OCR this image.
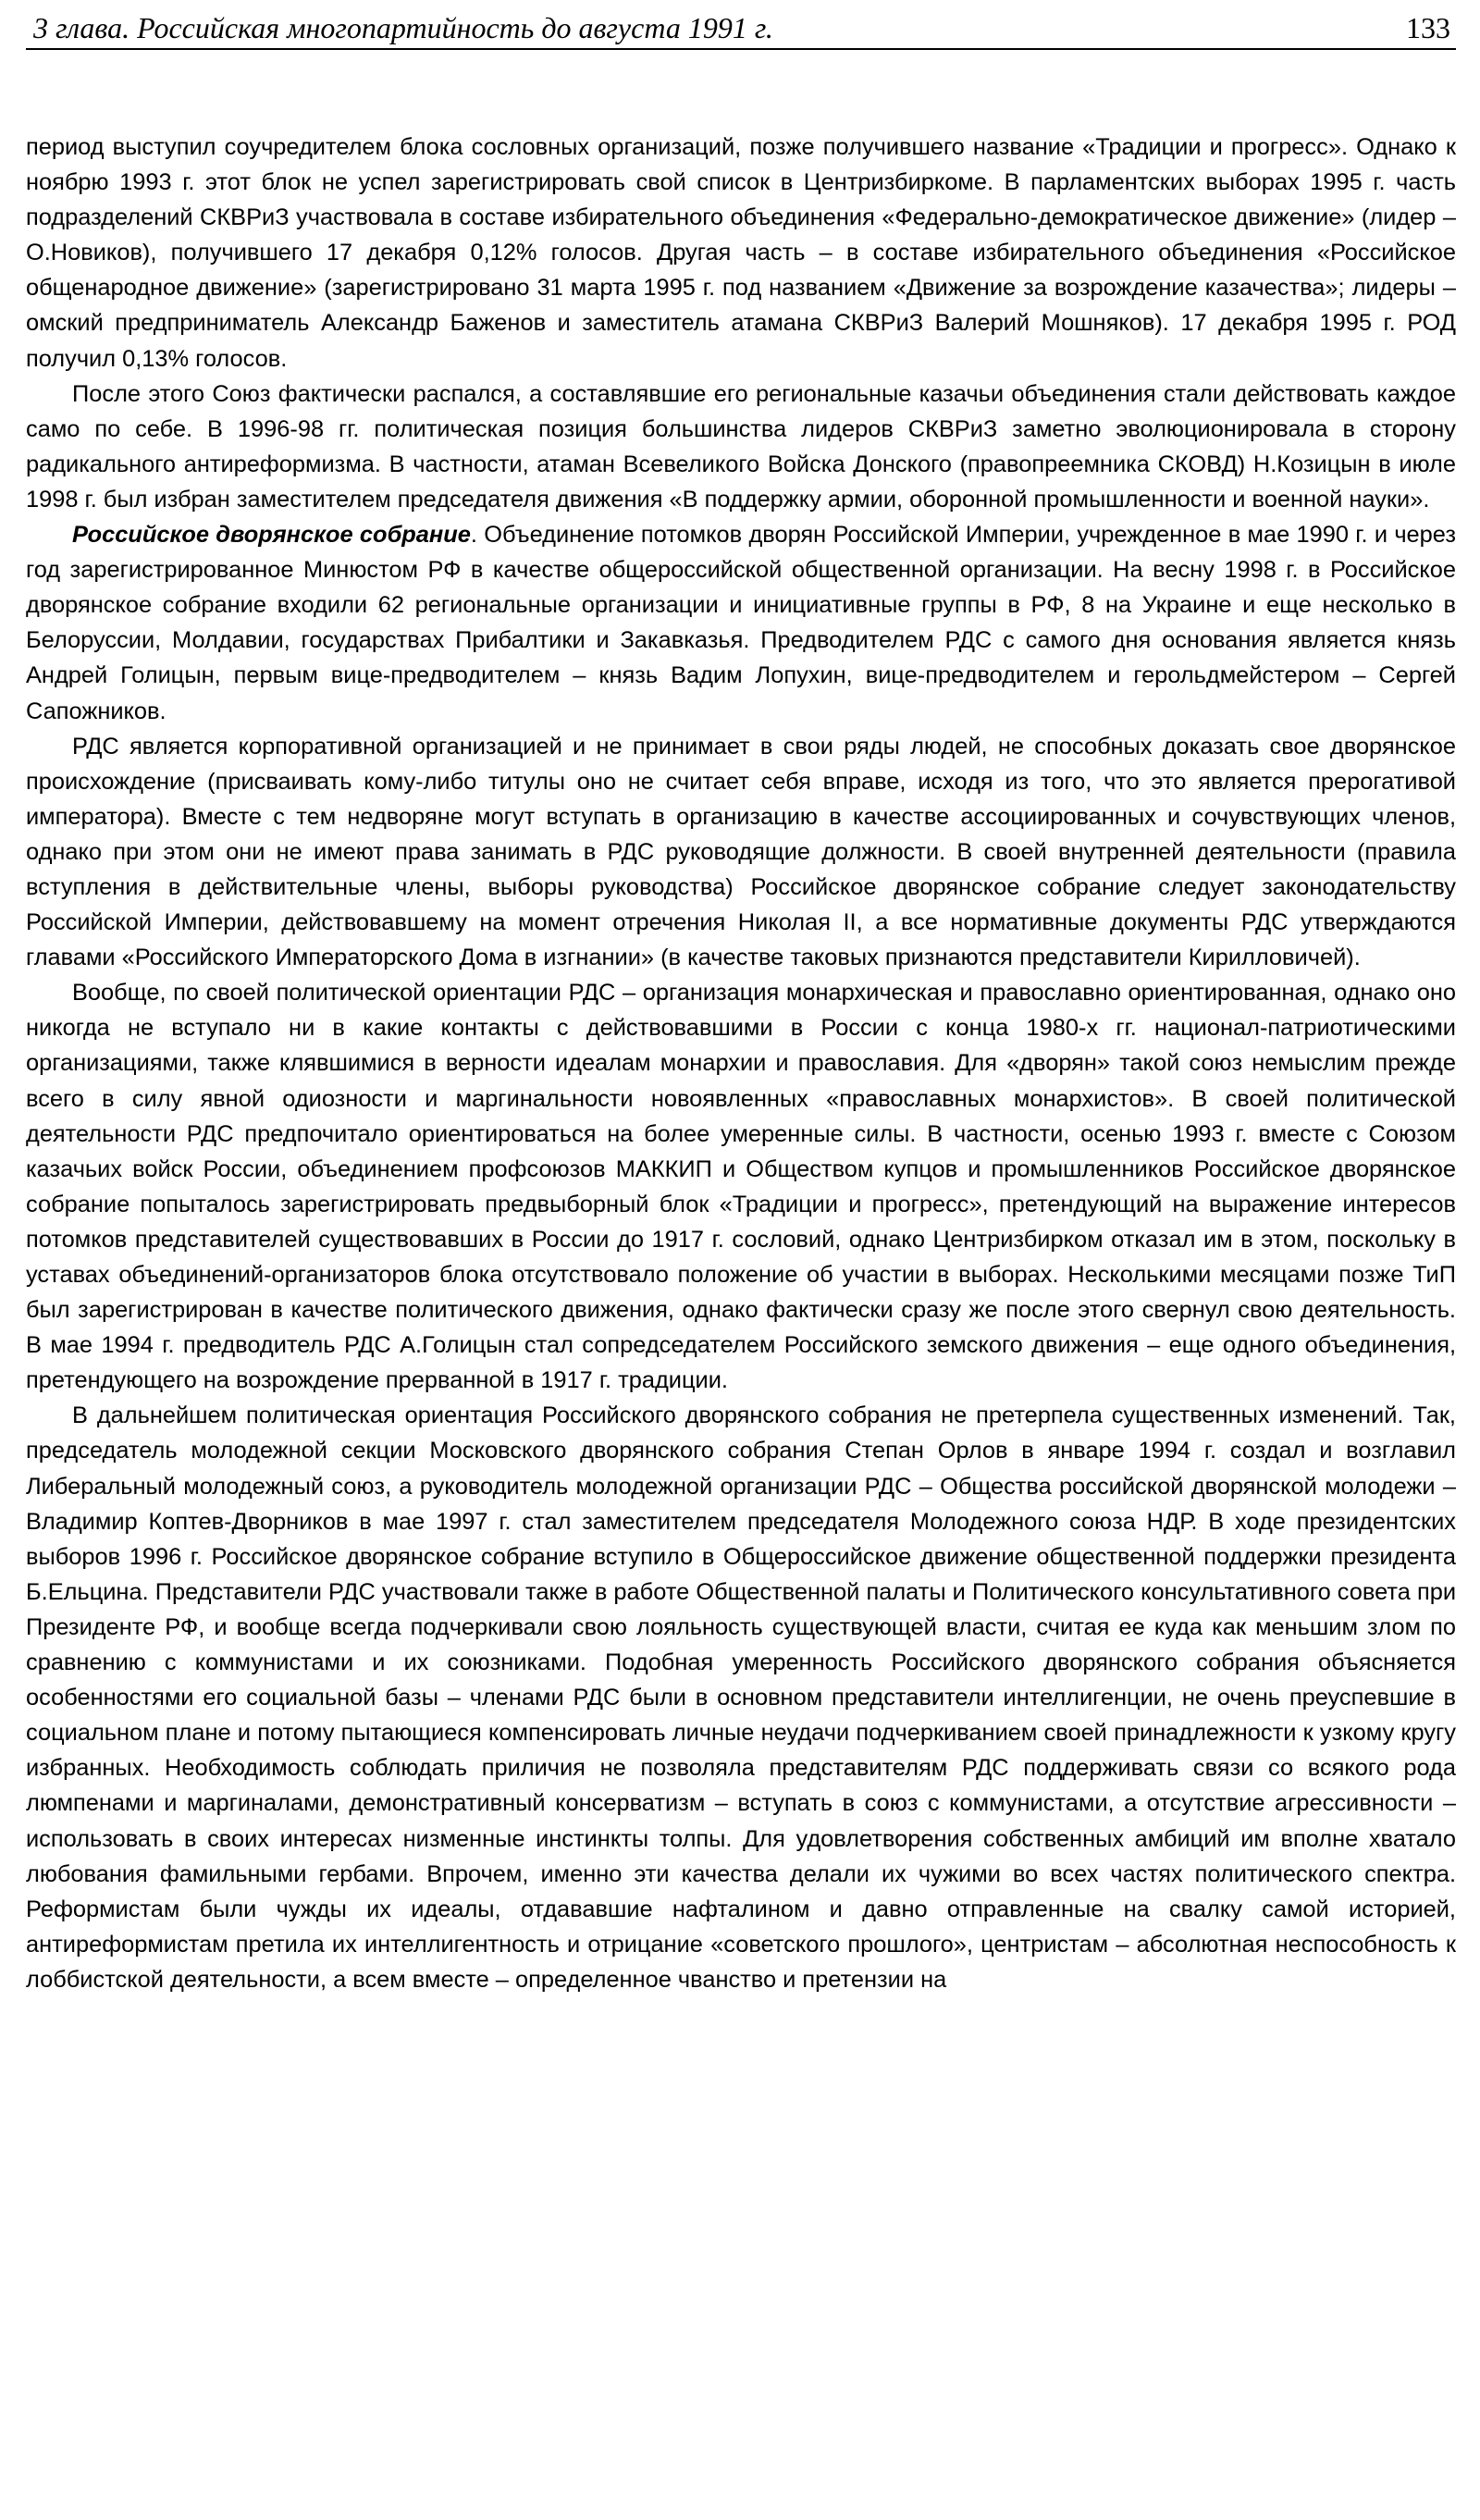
3 глава. Российская многопартийность до августа 1991 г.	133

период выступил соучредителем блока сословных организаций, позже получившего название «Традиции и прогресс». Однако к ноябрю 1993 г. этот блок не успел зарегистрировать свой список в Центризбиркоме. В парламентских выборах 1995 г. часть подразделений СКВРиЗ участвовала в составе избирательного объединения «Федерально-демократическое движение» (лидер – О.Новиков), получившего 17 декабря 0,12% голосов. Другая часть – в составе избирательного объединения «Российское общенародное движение» (зарегистрировано 31 марта 1995 г. под названием «Движение за возрождение казачества»; лидеры – омский предприниматель Александр Баженов и заместитель атамана СКВРиЗ Валерий Мошняков). 17 декабря 1995 г. РОД получил 0,13% голосов.

После этого Союз фактически распался, а составлявшие его региональные казачьи объединения стали действовать каждое само по себе. В 1996-98 гг. политическая позиция большинства лидеров СКВРиЗ заметно эволюционировала в сторону радикального антиреформизма. В частности, атаман Всевеликого Войска Донского (правопреемника СКОВД) Н.Козицын в июле 1998 г. был избран заместителем председателя движения «В поддержку армии, оборонной промышленности и военной науки».

Российское дворянское собрание. Объединение потомков дворян Российской Империи, учрежденное в мае 1990 г. и через год зарегистрированное Минюстом РФ в качестве общероссийской общественной организации. На весну 1998 г. в Российское дворянское собрание входили 62 региональные организации и инициативные группы в РФ, 8 на Украине и еще несколько в Белоруссии, Молдавии, государствах Прибалтики и Закавказья. Предводителем РДС с самого дня основания является князь Андрей Голицын, первым вице-предводителем – князь Вадим Лопухин, вице-предводителем и герольдмейстером – Сергей Сапожников.

РДС является корпоративной организацией и не принимает в свои ряды людей, не способных доказать свое дворянское происхождение (присваивать кому-либо титулы оно не считает себя вправе, исходя из того, что это является прерогативой императора). Вместе с тем недворяне могут вступать в организацию в качестве ассоциированных и сочувствующих членов, однако при этом они не имеют права занимать в РДС руководящие должности. В своей внутренней деятельности (правила вступления в действительные члены, выборы руководства) Российское дворянское собрание следует законодательству Российской Империи, действовавшему на момент отречения Николая II, а все нормативные документы РДС утверждаются главами «Российского Императорского Дома в изгнании» (в качестве таковых признаются представители Кирилловичей).

Вообще, по своей политической ориентации РДС – организация монархическая и православно ориентированная, однако оно никогда не вступало ни в какие контакты с действовавшими в России с конца 1980-х гг. национал-патриотическими организациями, также клявшимися в верности идеалам монархии и православия. Для «дворян» такой союз немыслим прежде всего в силу явной одиозности и маргинальности новоявленных «православных монархистов». В своей политической деятельности РДС предпочитало ориентироваться на более умеренные силы. В частности, осенью 1993 г. вместе с Союзом казачьих войск России, объединением профсоюзов МАККИП и Обществом купцов и промышленников Российское дворянское собрание попыталось зарегистрировать предвыборный блок «Традиции и прогресс», претендующий на выражение интересов потомков представителей существовавших в России до 1917 г. сословий, однако Центризбирком отказал им в этом, поскольку в уставах объединений-организаторов блока отсутствовало положение об участии в выборах. Несколькими месяцами позже ТиП был зарегистрирован в качестве политического движения, однако фактически сразу же после этого свернул свою деятельность. В мае 1994 г. предводитель РДС А.Голицын стал сопредседателем Российского земского движения – еще одного объединения, претендующего на возрождение прерванной в 1917 г. традиции.

В дальнейшем политическая ориентация Российского дворянского собрания не претерпела существенных изменений. Так, председатель молодежной секции Московского дворянского собрания Степан Орлов в январе 1994 г. создал и возглавил Либеральный молодежный союз, а руководитель молодежной организации РДС – Общества российской дворянской молодежи – Владимир Коптев-Дворников в мае 1997 г. стал заместителем председателя Молодежного союза НДР. В ходе президентских выборов 1996 г. Российское дворянское собрание вступило в Общероссийское движение общественной поддержки президента Б.Ельцина. Представители РДС участвовали также в работе Общественной палаты и Политического консультативного совета при Президенте РФ, и вообще всегда подчеркивали свою лояльность существующей власти, считая ее куда как меньшим злом по сравнению с коммунистами и их союзниками. Подобная умеренность Российского дворянского собрания объясняется особенностями его социальной базы – членами РДС были в основном представители интеллигенции, не очень преуспевшие в социальном плане и потому пытающиеся компенсировать личные неудачи подчеркиванием своей принадлежности к узкому кругу избранных. Необходимость соблюдать приличия не позволяла представителям РДС поддерживать связи со всякого рода люмпенами и маргиналами, демонстративный консерватизм – вступать в союз с коммунистами, а отсутствие агрессивности – использовать в своих интересах низменные инстинкты толпы. Для удовлетворения собственных амбиций им вполне хватало любования фамильными гербами. Впрочем, именно эти качества делали их чужими во всех частях политического спектра. Реформистам были чужды их идеалы, отдававшие нафталином и давно отправленные на свалку самой историей, антиреформистам претила их интеллигентность и отрицание «советского прошлого», центристам – абсолютная неспособность к лоббистской деятельности, а всем вместе – определенное чванство и претензии на
